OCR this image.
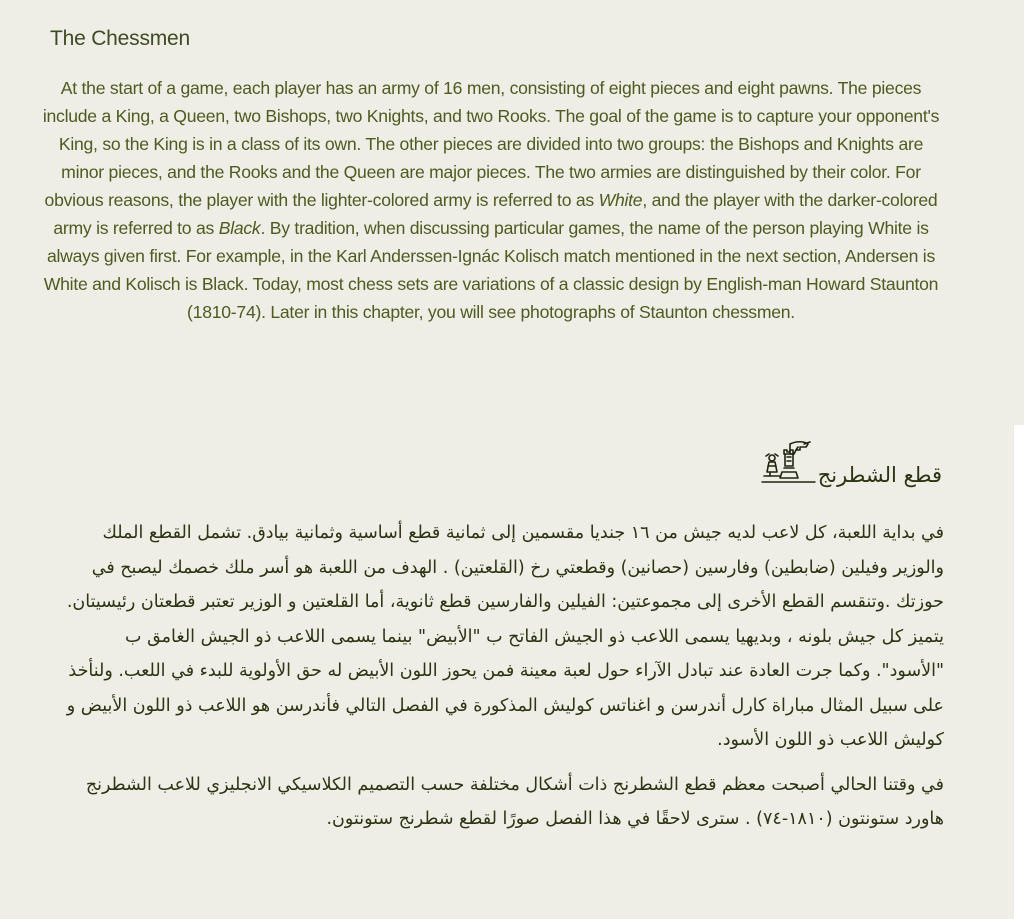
The Chessmen

At the start of a game, each player has an army of 16 men, consisting of eight pieces and eight pawns. The pieces include a King, a Queen, two Bishops, two Knights, and two Rooks. The goal of the game is to capture your opponent's King, so the King is in a class of its own. The other pieces are divided into two groups: the Bishops and Knights are minor pieces, and the Rooks and the Queen are major pieces. The two armies are distinguished by their color. For obvious reasons, the player with the lighter-colored army is referred to as White, and the player with the darker-colored army is referred to as Black. By tradition, when discussing particular games, the name of the person playing White is always given first. For example, in the Karl Anderssen-Ignác Kolisch match mentioned in the next section, Andersen is White and Kolisch is Black. Today, most chess sets are variations of a classic design by English-man Howard Staunton (1810-74). Later in this chapter, you will see photographs of Staunton chessmen.

قطع الشطرنج

في بداية اللعبة، كل لاعب لديه جيش من ١٦ جنديا مقسمين إلى ثمانية قطع أساسية وثمانية بيادق. تشمل القطع الملك والوزير وفيلين (ضابطين) وفارسين (حصانين) وقطعتي رخ (القلعتين) . الهدف من اللعبة هو أسر ملك خصمك ليصبح في حوزتك .وتنقسم القطع الأخرى إلى مجموعتين: الفيلين والفارسين قطع ثانوية، أما القلعتين و الوزير تعتبر قطعتان رئيسيتان. يتميز كل جيش بلونه ، وبديهيا يسمى اللاعب ذو الجيش الفاتح ب "الأبيض" بينما يسمى اللاعب ذو الجيش الغامق ب "الأسود". وكما جرت العادة عند تبادل الآراء حول لعبة معينة فمن يحوز اللون الأبيض له حق الأولوية للبدء في اللعب. ولنأخذ على سبيل المثال مباراة كارل أندرسن و اغناتس كوليش المذكورة في الفصل التالي فأندرسن هو اللاعب ذو اللون الأبيض و كوليش اللاعب ذو اللون الأسود.

في وقتنا الحالي أصبحت معظم قطع الشطرنج ذات أشكال مختلفة حسب التصميم الكلاسيكي الانجليزي للاعب الشطرنج هاورد ستونتون (١٨١٠-٧٤) . سترى لاحقًا في هذا الفصل صورًا لقطع شطرنج ستونتون.
